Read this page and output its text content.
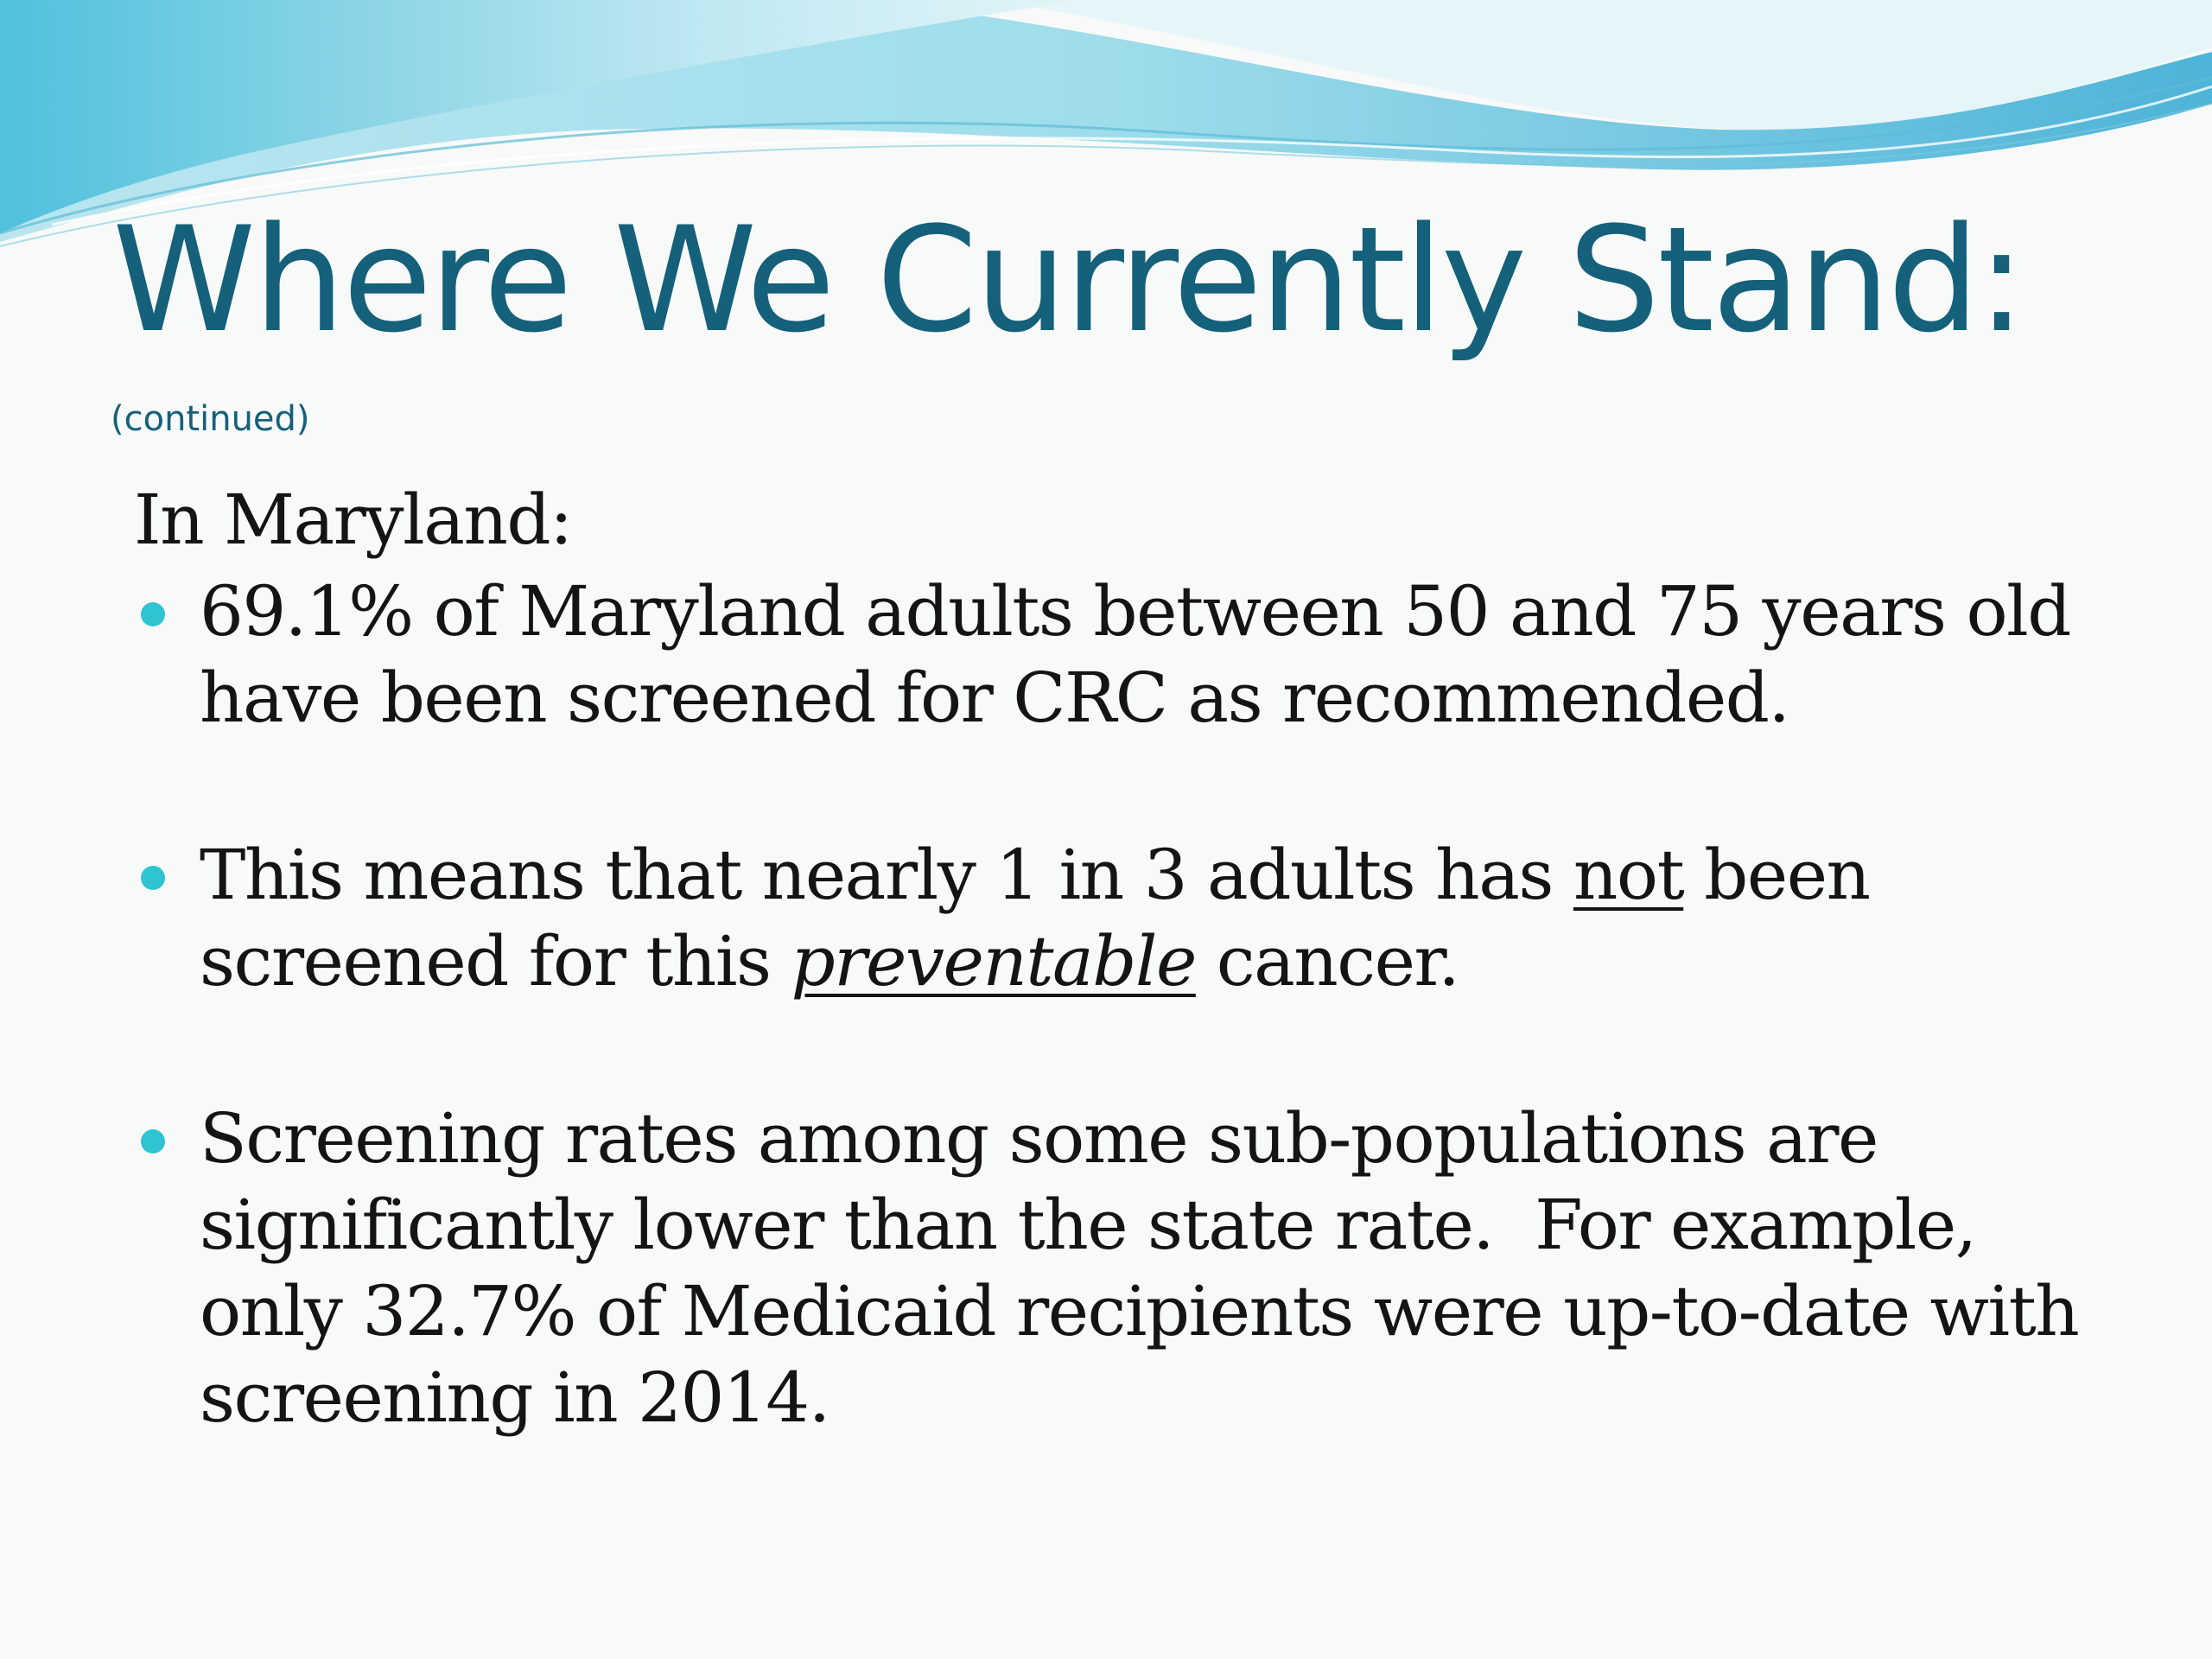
Where We Currently Stand:
(continued)

In Maryland:

69.1% of Maryland adults between 50 and 75 years old have been screened for CRC as recommended.
This means that nearly 1 in 3 adults has not been screened for this preventable cancer.
Screening rates among some sub-populations are significantly lower than the state rate.  For example, only 32.7% of Medicaid recipients were up-to-date with screening in 2014.
